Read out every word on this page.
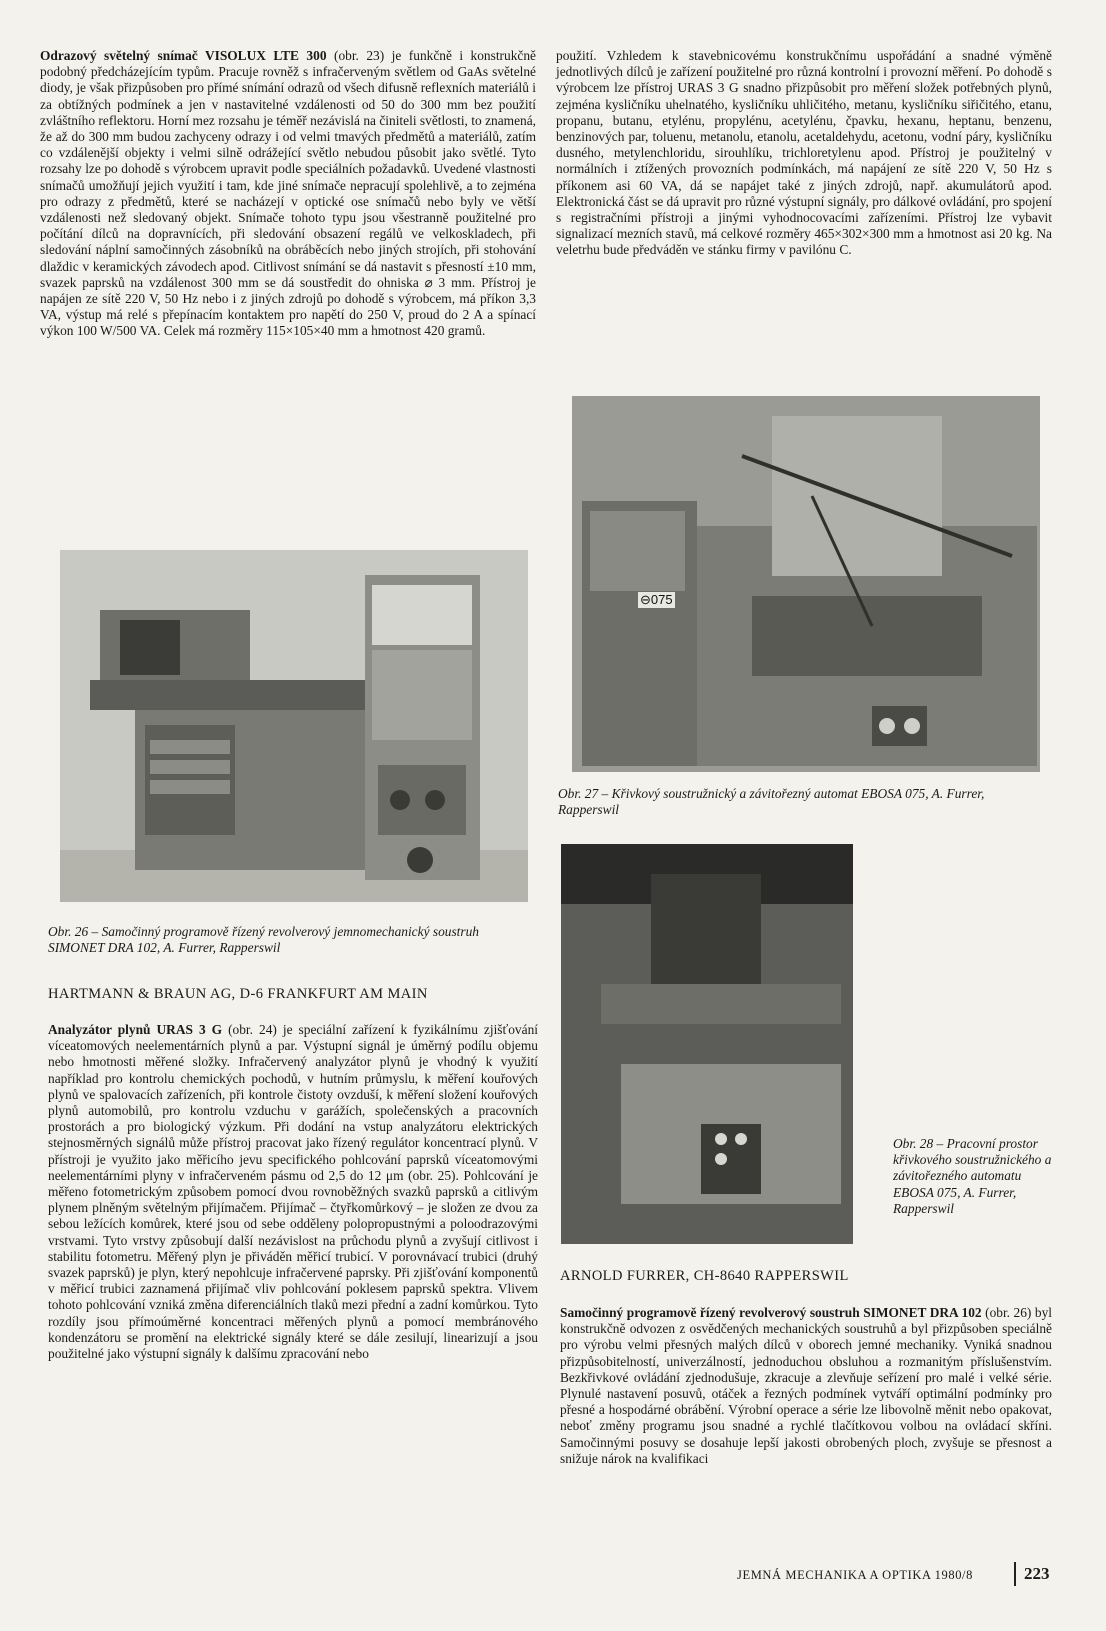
Odrazový světelný snímač VISOLUX LTE 300 (obr. 23) je funkčně i konstrukčně podobný předcházejícím typům. Pracuje rovněž s infračerveným světlem od GaAs světelné diody, je však přizpůsoben pro přímé snímání odrazů od všech difusně reflexních materiálů i za obtížných podmínek a jen v nastavitelné vzdálenosti od 50 do 300 mm bez použití zvláštního reflektoru. Horní mez rozsahu je téměř nezávislá na činiteli světlosti, to znamená, že až do 300 mm budou zachyceny odrazy i od velmi tmavých předmětů a materiálů, zatím co vzdálenější objekty i velmi silně odrážející světlo nebudou působit jako světlé. Tyto rozsahy lze po dohodě s výrobcem upravit podle speciálních požadavků. Uvedené vlastnosti snímačů umožňují jejich využití i tam, kde jiné snímače nepracují spolehlivě, a to zejména pro odrazy z předmětů, které se nacházejí v optické ose snímačů nebo byly ve větší vzdálenosti než sledovaný objekt. Snímače tohoto typu jsou všestranně použitelné pro počítání dílců na dopravnících, při sledování obsazení regálů ve velkoskladech, při sledování náplní samočinných zásobníků na obráběcích nebo jiných strojích, při stohování dlaždic v keramických závodech apod. Citlivost snímání se dá nastavit s přesností ±10 mm, svazek paprsků na vzdálenost 300 mm se dá soustředit do ohniska ⌀ 3 mm. Přístroj je napájen ze sítě 220 V, 50 Hz nebo i z jiných zdrojů po dohodě s výrobcem, má příkon 3,3 VA, výstup má relé s přepínacím kontaktem pro napětí do 250 V, proud do 2 A a spínací výkon 100 W/500 VA. Celek má rozměry 115×105×40 mm a hmotnost 420 gramů.

použití. Vzhledem k stavebnicovému konstrukčnímu uspořádání a snadné výměně jednotlivých dílců je zařízení použitelné pro různá kontrolní i provozní měření. Po dohodě s výrobcem lze přístroj URAS 3 G snadno přizpůsobit pro měření složek potřebných plynů, zejména kysličníku uhelnatého, kysličníku uhličitého, metanu, kysličníku siřičitého, etanu, propanu, butanu, etylénu, propylénu, acetylénu, čpavku, hexanu, heptanu, benzenu, benzinových par, toluenu, metanolu, etanolu, acetaldehydu, acetonu, vodní páry, kysličníku dusného, metylenchloridu, sirouhlíku, trichloretylenu apod. Přístroj je použitelný v normálních i ztížených provozních podmínkách, má napájení ze sítě 220 V, 50 Hz s příkonem asi 60 VA, dá se napájet také z jiných zdrojů, např. akumulátorů apod. Elektronická část se dá upravit pro různé výstupní signály, pro dálkové ovládání, pro spojení s registračními přístroji a jinými vyhodnocovacími zařízeními. Přístroj lze vybavit signalizací mezních stavů, má celkové rozměry 465×302×300 mm a hmotnost asi 20 kg. Na veletrhu bude předváděn ve stánku firmy v pavilónu C.

⊖075
Obr. 27 – Křivkový soustružnický a závitořezný automat EBOSA 075, A. Furrer, Rapperswil
Obr. 28 – Pracovní prostor křivkového soustružnického a závitořezného automatu EBOSA 075, A. Furrer, Rapperswil
Obr. 26 – Samočinný programově řízený revolverový jemnomechanický soustruh SIMONET DRA 102, A. Furrer, Rapperswil
HARTMANN & BRAUN AG, D-6 FRANKFURT AM MAIN
ARNOLD FURRER, CH-8640 RAPPERSWIL

Analyzátor plynů URAS 3 G (obr. 24) je speciální zařízení k fyzikálnímu zjišťování víceatomových neelementárních plynů a par. Výstupní signál je úměrný podílu objemu nebo hmotnosti měřené složky. Infračervený analyzátor plynů je vhodný k využití například pro kontrolu chemických pochodů, v hutním průmyslu, k měření kouřových plynů ve spalovacích zařízeních, při kontrole čistoty ovzduší, k měření složení kouřových plynů automobilů, pro kontrolu vzduchu v garážích, společenských a pracovních prostorách a pro biologický výzkum. Při dodání na vstup analyzátoru elektrických stejnosměrných signálů může přístroj pracovat jako řízený regulátor koncentrací plynů. V přístroji je využito jako měřicího jevu specifického pohlcování paprsků víceatomovými neelementárními plyny v infračerveném pásmu od 2,5 do 12 μm (obr. 25). Pohlcování je měřeno fotometrickým způsobem pomocí dvou rovnoběžných svazků paprsků a citlivým plynem plněným světelným přijímačem. Přijímač – čtyřkomůrkový – je složen ze dvou za sebou ležících komůrek, které jsou od sebe odděleny polopropustnými a poloodrazovými vrstvami. Tyto vrstvy způsobují další nezávislost na průchodu plynů a zvyšují citlivost i stabilitu fotometru. Měřený plyn je přiváděn měřicí trubicí. V porovnávací trubici (druhý svazek paprsků) je plyn, který nepohlcuje infračervené paprsky. Při zjišťování komponentů v měřicí trubici zaznamená přijímač vliv pohlcování poklesem paprsků spektra. Vlivem tohoto pohlcování vzniká změna diferenciálních tlaků mezi přední a zadní komůrkou. Tyto rozdíly jsou přímoúměrné koncentraci měřených plynů a pomocí membránového kondenzátoru se promění na elektrické signály které se dále zesilují, linearizují a jsou použitelné jako výstupní signály k dalšímu zpracování nebo

Samočinný programově řízený revolverový soustruh SIMONET DRA 102 (obr. 26) byl konstrukčně odvozen z osvědčených mechanických soustruhů a byl přizpůsoben speciálně pro výrobu velmi přesných malých dílců v oborech jemné mechaniky. Vyniká snadnou přizpůsobitelností, univerzálností, jednoduchou obsluhou a rozmanitým příslušenstvím. Bezkřivkové ovládání zjednodušuje, zkracuje a zlevňuje seřízení pro malé i velké série. Plynulé nastavení posuvů, otáček a řezných podmínek vytváří optimální podmínky pro přesné a hospodárné obrábění. Výrobní operace a série lze libovolně měnit nebo opakovat, neboť změny programu jsou snadné a rychlé tlačítkovou volbou na ovládací skříni. Samočinnými posuvy se dosahuje lepší jakosti obrobených ploch, zvyšuje se přesnost a snižuje nárok na kvalifikaci

JEMNÁ MECHANIKA A OPTIKA 1980/8	223
